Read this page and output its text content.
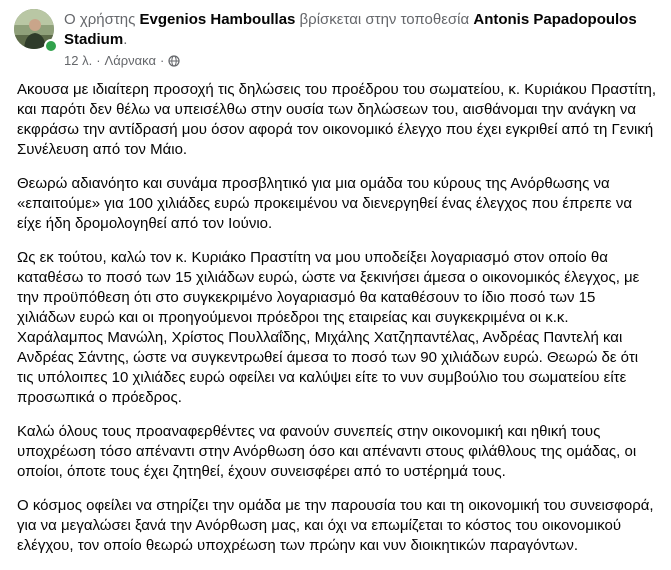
Ο χρήστης Evgenios Hamboullas βρίσκεται στην τοποθεσία Antonis Papadopoulos Stadium.
12 λ. · Λάρνακα ·

Ακουσα με ιδιαίτερη προσοχή τις δηλώσεις του προέδρου του σωματείου, κ. Κυριάκου Πραστίτη, και παρότι δεν θέλω να υπεισέλθω στην ουσία των δηλώσεων του, αισθάνομαι την ανάγκη να εκφράσω την αντίδρασή μου όσον αφορά τον οικονομικό έλεγχο που έχει εγκριθεί από τη Γενική Συνέλευση από τον Μάιο.

Θεωρώ αδιανόητο και συνάμα προσβλητικό για μια ομάδα του κύρους της Ανόρθωσης να «επαιτούμε» για 100 χιλιάδες ευρώ προκειμένου να διενεργηθεί ένας έλεγχος που έπρεπε να είχε ήδη δρομολογηθεί από τον Ιούνιο.

Ως εκ τούτου, καλώ τον κ. Κυριάκο Πραστίτη να μου υποδείξει λογαριασμό στον οποίο θα καταθέσω το ποσό των 15 χιλιάδων ευρώ, ώστε να ξεκινήσει άμεσα ο οικονομικός έλεγχος, με την προϋπόθεση ότι στο συγκεκριμένο λογαριασμό θα καταθέσουν το ίδιο ποσό των 15 χιλιάδων ευρώ και οι προηγούμενοι πρόεδροι της εταιρείας και συγκεκριμένα οι κ.κ. Χαράλαμπος Μανώλη, Χρίστος Πουλλαΐδης, Μιχάλης Χατζηπαντέλας, Ανδρέας Παντελή και Ανδρέας Σάντης, ώστε να συγκεντρωθεί άμεσα το ποσό των 90 χιλιάδων ευρώ. Θεωρώ δε ότι τις υπόλοιπες 10 χιλιάδες ευρώ οφείλει να καλύψει είτε το νυν συμβούλιο του σωματείου είτε προσωπικά ο πρόεδρος.

Καλώ όλους τους προαναφερθέντες να φανούν συνεπείς στην οικονομική και ηθική τους υποχρέωση τόσο απέναντι στην Ανόρθωση όσο και απέναντι στους φιλάθλους της ομάδας, οι οποίοι, όποτε τους έχει ζητηθεί, έχουν συνεισφέρει από το υστέρημά τους.

Ο κόσμος οφείλει να στηρίζει την ομάδα με την παρουσία του και τη οικονομική του συνεισφορά, για να μεγαλώσει ξανά την Ανόρθωση μας, και όχι να επωμίζεται το κόστος του οικονομικού ελέγχου, τον οποίο θεωρώ υποχρέωση των πρώην και νυν διοικητικών παραγόντων.
